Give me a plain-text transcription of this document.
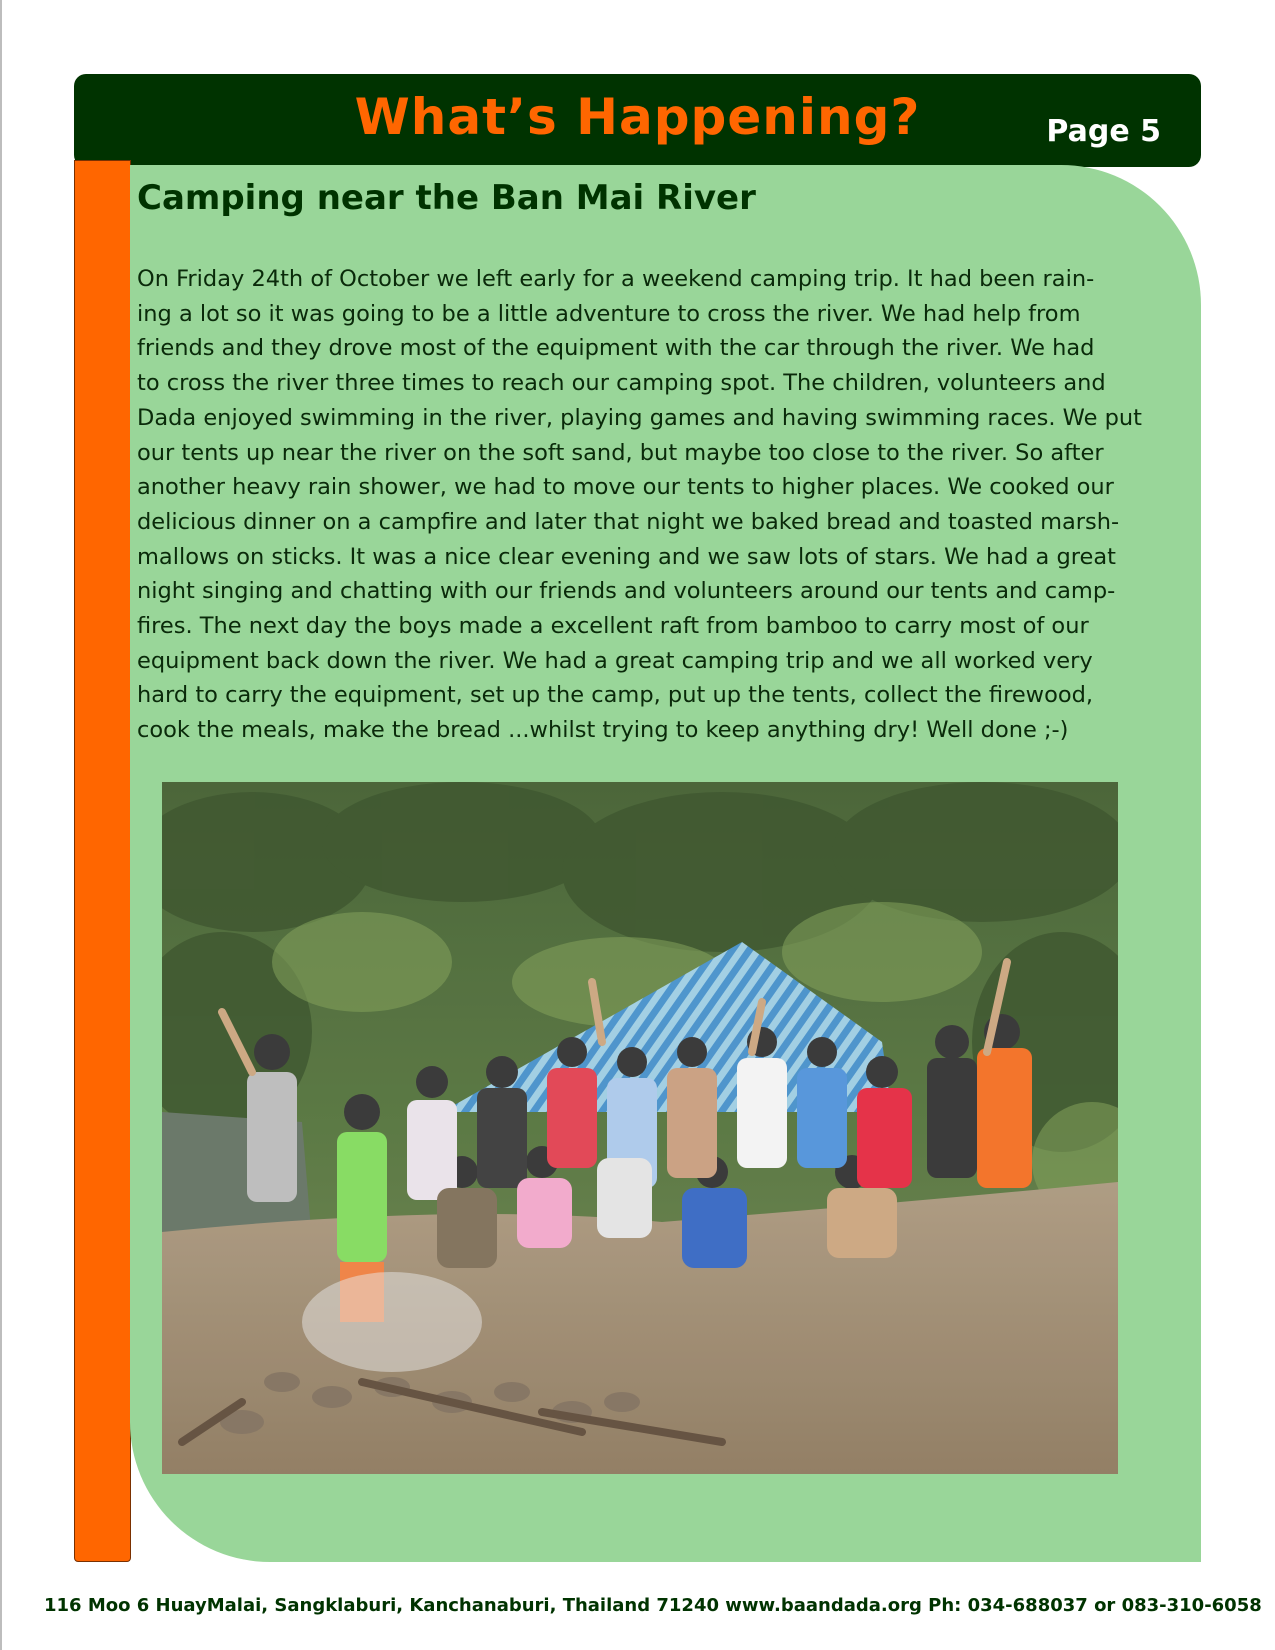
What’s Happening?	Page 5
Camping near the Ban Mai River
On Friday 24th of October we left early for a weekend camping trip. It had been rain-
ing a lot so it was going to be a little adventure to cross the river. We had help from
friends and they drove most of the equipment with the car through the river. We had
to cross the river three times to reach our camping spot. The children, volunteers and
Dada enjoyed swimming in the river, playing games and having swimming races. We put
our tents up near the river on the soft sand, but maybe too close to the river. So after
another heavy rain shower, we had to move our tents to higher places. We cooked our
delicious dinner on a campfire and later that night we baked bread and toasted marsh-
mallows on sticks. It was a nice clear evening and we saw lots of stars. We had a great
night singing and chatting with our friends and volunteers around our tents and camp-
fires. The next day the boys made a excellent raft from bamboo to carry most of our
equipment back down the river. We had a great camping trip and we all worked very
hard to carry the equipment, set up the camp, put up the tents, collect the firewood,
cook the meals, make the bread ...whilst trying to keep anything dry! Well done ;-)
116 Moo 6 HuayMalai, Sangklaburi, Kanchanaburi, Thailand 71240 www.baandada.org Ph: 034-688037 or 083-310-6058
